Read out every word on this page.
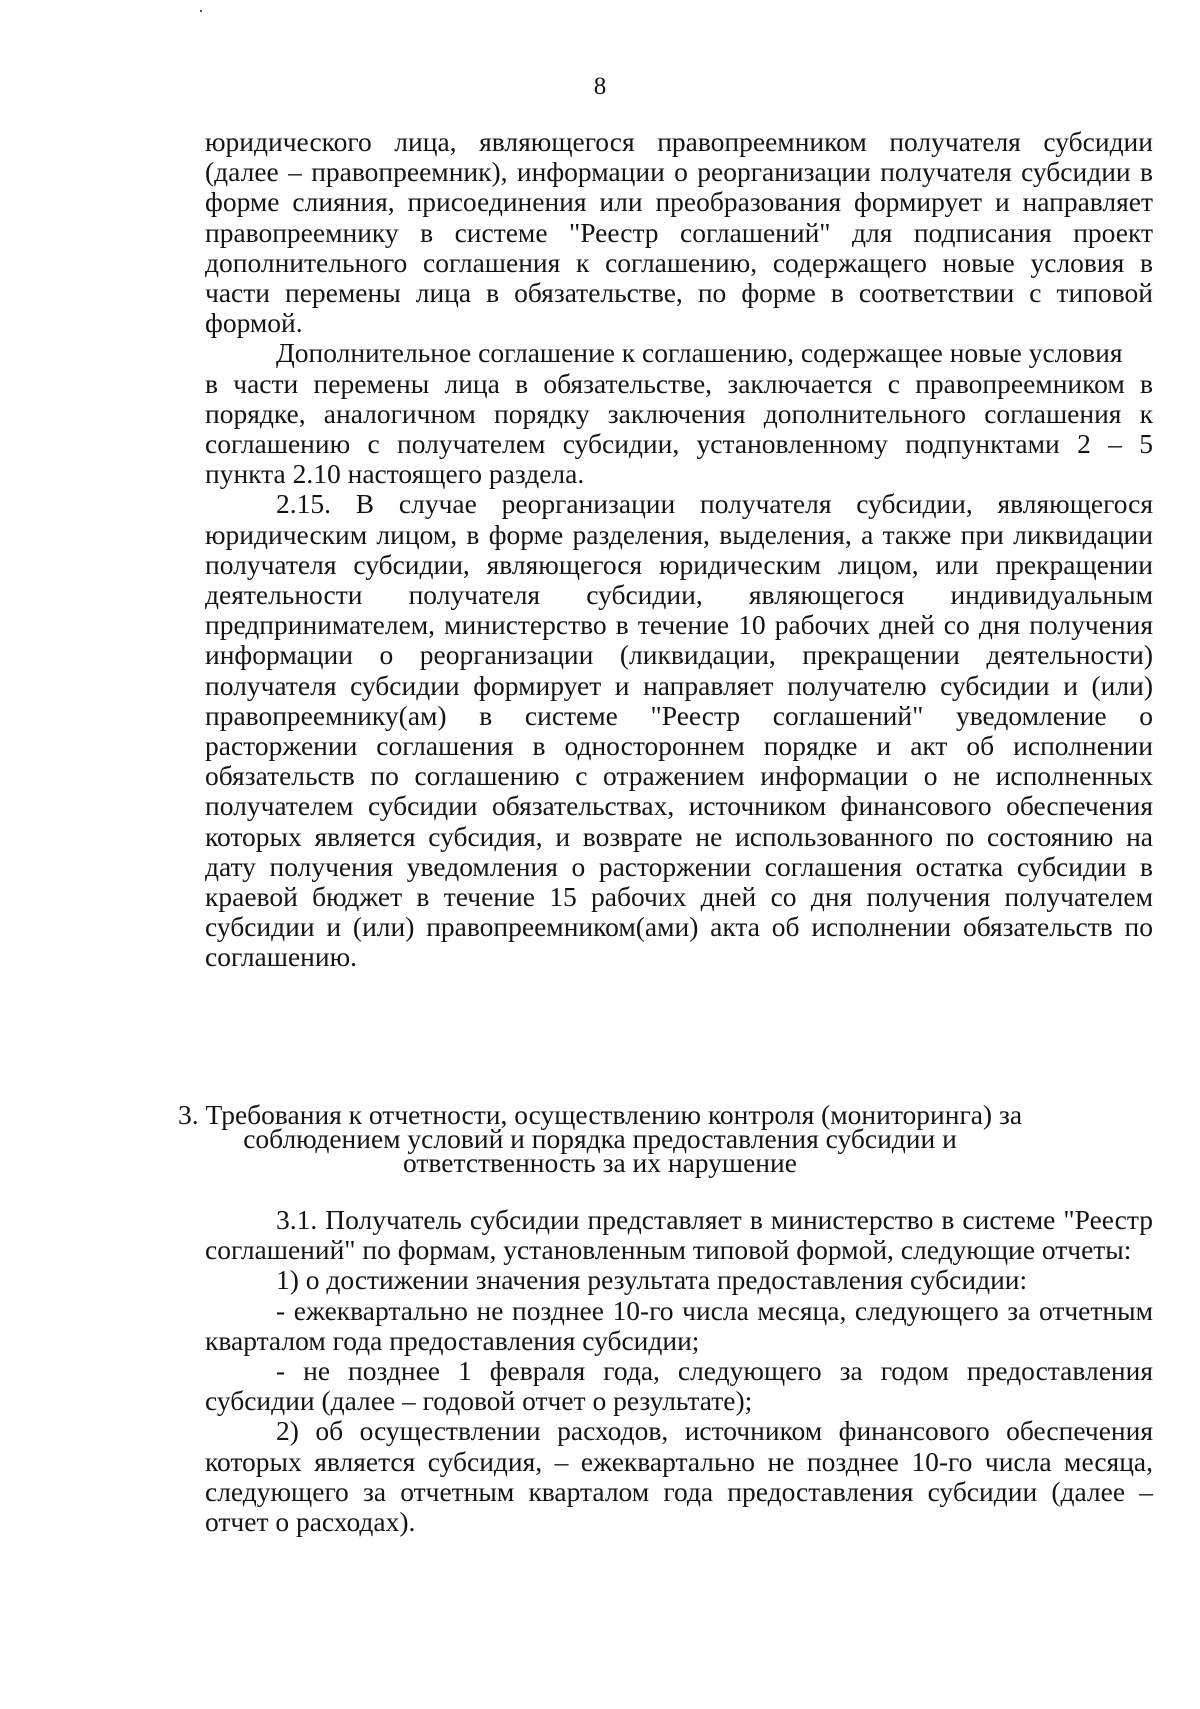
8

юридического лица, являющегося правопреемником получателя субсидии (далее – правопреемник), информации о реорганизации получателя субсидии в форме слияния, присоединения или преобразования формирует и направляет правопреемнику в системе "Реестр соглашений" для подписания проект дополнительного соглашения к соглашению, содержащего новые условия в части перемены лица в обязательстве, по форме в соответствии с типовой формой.

Дополнительное соглашение к соглашению, содержащее новые условия

в части перемены лица в обязательстве, заключается с правопреемником в порядке, аналогичном порядку заключения дополнительного соглашения к соглашению с получателем субсидии, установленному подпунктами 2 – 5 пункта 2.10 настоящего раздела.

2.15. В случае реорганизации получателя субсидии, являющегося юридическим лицом, в форме разделения, выделения, а также при ликвидации получателя субсидии, являющегося юридическим лицом, или прекращении деятельности получателя субсидии, являющегося индивидуальным предпринимателем, министерство в течение 10 рабочих дней со дня получения информации о реорганизации (ликвидации, прекращении деятельности) получателя субсидии формирует и направляет получателю субсидии и (или) правопреемнику(ам) в системе "Реестр соглашений" уведомление о расторжении соглашения в одностороннем порядке и акт об исполнении обязательств по соглашению с отражением информации о не исполненных получателем субсидии обязательствах, источником финансового обеспечения которых является субсидия, и возврате не использованного по состоянию на дату получения уведомления о расторжении соглашения остатка субсидии в краевой бюджет в течение 15 рабочих дней со дня получения получателем субсидии и (или) правопреемником(ами) акта об исполнении обязательств по соглашению.

3. Требования к отчетности, осуществлению контроля (мониторинга) за
соблюдением условий и порядка предоставления субсидии и
ответственность за их нарушение

3.1. Получатель субсидии представляет в министерство в системе "Реестр соглашений" по формам, установленным типовой формой, следующие отчеты:

1) о достижении значения результата предоставления субсидии:

- ежеквартально не позднее 10-го числа месяца, следующего за отчетным кварталом года предоставления субсидии;

- не позднее 1 февраля года, следующего за годом предоставления субсидии (далее – годовой отчет о результате);

2) об осуществлении расходов, источником финансового обеспечения которых является субсидия, – ежеквартально не позднее 10-го числа месяца, следующего за отчетным кварталом года предоставления субсидии (далее – отчет о расходах).
